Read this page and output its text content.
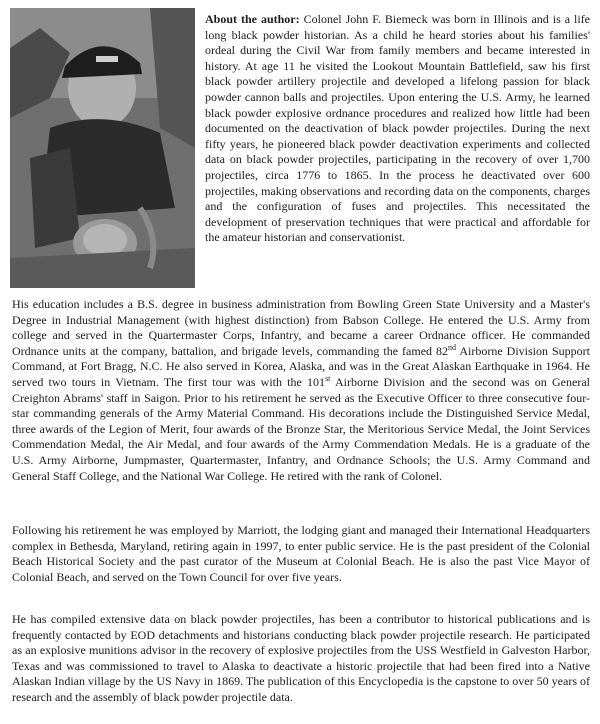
About the author: Colonel John F. Biemeck was born in Illinois and is a life long black powder historian. As a child he heard stories about his families' ordeal during the Civil War from family members and became interested in history. At age 11 he visited the Lookout Mountain Battlefield, saw his first black powder artillery projectile and developed a lifelong passion for black powder cannon balls and projectiles. Upon entering the U.S. Army, he learned black powder explosive ordnance procedures and realized how little had been documented on the deactivation of black powder projectiles. During the next fifty years, he pioneered black powder deactivation experiments and collected data on black powder projectiles, participating in the recovery of over 1,700 projectiles, circa 1776 to 1865. In the process he deactivated over 600 projectiles, making observations and recording data on the components, charges and the configuration of fuses and projectiles. This necessitated the development of preservation techniques that were practical and affordable for the amateur historian and conservationist.

His education includes a B.S. degree in business administration from Bowling Green State University and a Master's Degree in Industrial Management (with highest distinction) from Babson College. He entered the U.S. Army from college and served in the Quartermaster Corps, Infantry, and became a career Ordnance officer. He commanded Ordnance units at the company, battalion, and brigade levels, commanding the famed 82nd Airborne Division Support Command, at Fort Bragg, N.C. He also served in Korea, Alaska, and was in the Great Alaskan Earthquake in 1964. He served two tours in Vietnam. The first tour was with the 101st Airborne Division and the second was on General Creighton Abrams' staff in Saigon. Prior to his retirement he served as the Executive Officer to three consecutive four-star commanding generals of the Army Material Command. His decorations include the Distinguished Service Medal, three awards of the Legion of Merit, four awards of the Bronze Star, the Meritorious Service Medal, the Joint Services Commendation Medal, the Air Medal, and four awards of the Army Commendation Medals. He is a graduate of the U.S. Army Airborne, Jumpmaster, Quartermaster, Infantry, and Ordnance Schools; the U.S. Army Command and General Staff College, and the National War College. He retired with the rank of Colonel.

Following his retirement he was employed by Marriott, the lodging giant and managed their International Headquarters complex in Bethesda, Maryland, retiring again in 1997, to enter public service. He is the past president of the Colonial Beach Historical Society and the past curator of the Museum at Colonial Beach. He is also the past Vice Mayor of Colonial Beach, and served on the Town Council for over five years.

He has compiled extensive data on black powder projectiles, has been a contributor to historical publications and is frequently contacted by EOD detachments and historians conducting black powder projectile research. He participated as an explosive munitions advisor in the recovery of explosive projectiles from the USS Westfield in Galveston Harbor, Texas and was commissioned to travel to Alaska to deactivate a historic projectile that had been fired into a Native Alaskan Indian village by the US Navy in 1869. The publication of this Encyclopedia is the capstone to over 50 years of research and the assembly of black powder projectile data.
